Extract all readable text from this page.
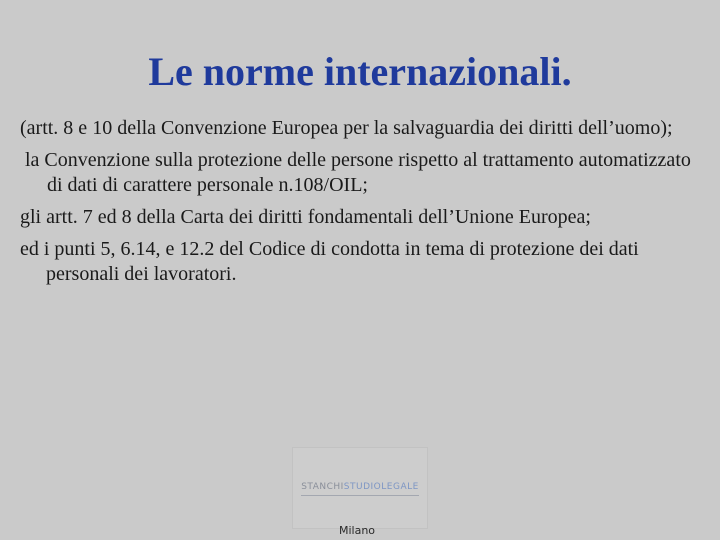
Le norme internazionali.
(artt. 8 e 10 della Convenzione Europea per la salvaguardia dei diritti dell’uomo);
la Convenzione sulla protezione delle persone rispetto al trattamento automatizzato di dati di carattere personale n.108/OIL;
gli artt. 7 ed 8 della Carta dei diritti fondamentali dell’Unione Europea;
ed i punti 5, 6.14, e 12.2 del Codice di condotta in tema di protezione dei dati personali dei lavoratori.
STANCHISTUDIOLEGALE
Milano
